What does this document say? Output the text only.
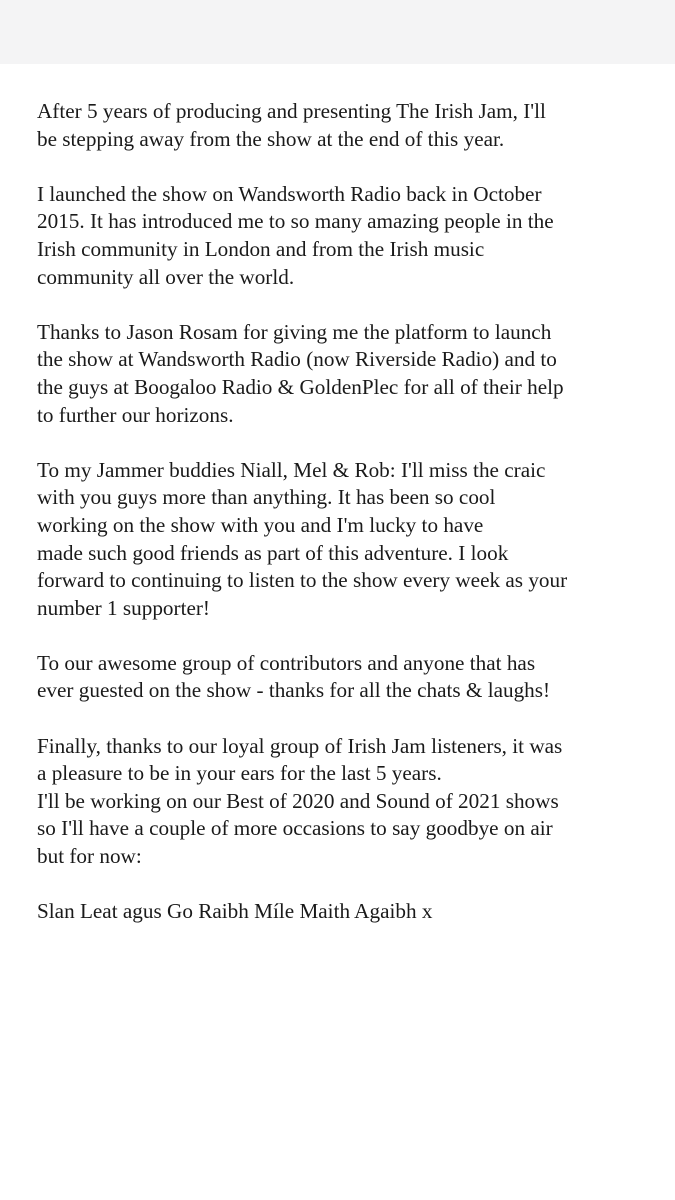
After 5 years of producing and presenting The Irish Jam, I'll
be stepping away from the show at the end of this year.

I launched the show on Wandsworth Radio back in October
2015. It has introduced me to so many amazing people in the
Irish community in London and from the Irish music
community all over the world.

Thanks to Jason Rosam for giving me the platform to launch
the show at Wandsworth Radio (now Riverside Radio) and to
the guys at Boogaloo Radio & GoldenPlec for all of their help
to further our horizons.

To my Jammer buddies Niall, Mel & Rob: I'll miss the craic
with you guys more than anything. It has been so cool
working on the show with you and I'm lucky to have
made such good friends as part of this adventure. I look
forward to continuing to listen to the show every week as your
number 1 supporter!

To our awesome group of contributors and anyone that has
ever guested on the show - thanks for all the chats & laughs!

Finally, thanks to our loyal group of Irish Jam listeners, it was
a pleasure to be in your ears for the last 5 years.
I'll be working on our Best of 2020 and Sound of 2021 shows
so I'll have a couple of more occasions to say goodbye on air
but for now:

Slan Leat agus Go Raibh Míle Maith Agaibh x
